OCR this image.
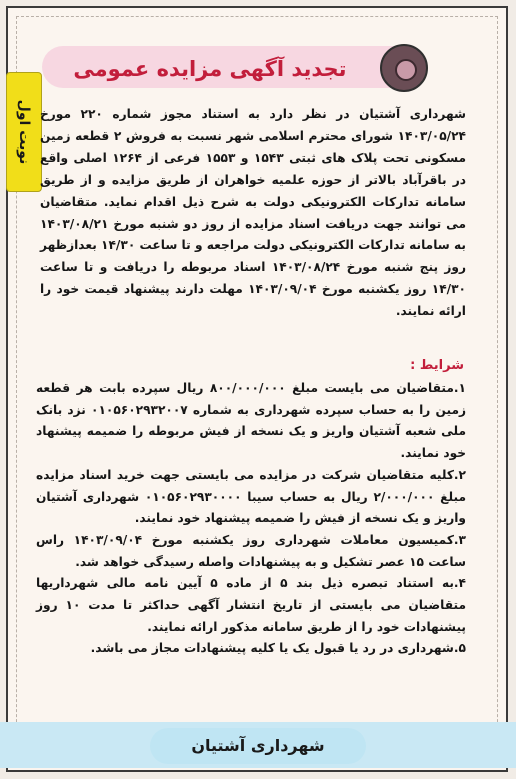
تجدید آگهی مزایده عمومی
نوبت اول شهرداری آشتیان در نظر دارد به استناد مجوز شماره ۲۲۰ مورخ ۱۴۰۳/۰۵/۲۴ شورای محترم اسلامی شهر نسبت به فروش ۲ قطعه زمین مسکونی تحت پلاک های ثبتی ۱۵۴۳ و ۱۵۵۳ فرعی از ۱۲۶۴ اصلی واقع در باقرآباد بالاتر از حوزه علمیه خواهران از طریق مزایده و از طریق سامانه تدارکات الکترونیکی دولت به شرح ذیل اقدام نماید. متقاضیان می توانند جهت دریافت اسناد مزایده از روز دو شنبه مورخ ۱۴۰۳/۰۸/۲۱ به سامانه تدارکات الکترونیکی دولت مراجعه و تا ساعت ۱۴/۳۰ بعدازظهر روز پنج شنبه مورخ ۱۴۰۳/۰۸/۲۴ اسناد مربوطه را دریافت و تا ساعت ۱۴/۳۰ روز یکشنبه مورخ ۱۴۰۳/۰۹/۰۴ مهلت دارند پیشنهاد قیمت خود را ارائه نمایند.
شرایط :

۱.متقاضیان می بایست مبلغ ۸۰۰/۰۰۰/۰۰۰ ریال سپرده بابت هر قطعه زمین را به حساب سپرده شهرداری به شماره ۰۱۰۵۶۰۲۹۳۲۰۰۷ نزد بانک ملی شعبه آشتیان واریز و یک نسخه از فیش مربوطه را ضمیمه پیشنهاد خود نمایند.

۲.کلیه متقاضیان شرکت در مزایده می بایستی جهت خرید اسناد مزایده مبلغ ۲/۰۰۰/۰۰۰ ریال به حساب سیبا ۰۱۰۵۶۰۲۹۳۰۰۰۰ شهرداری آشتیان واریز و یک نسخه از فیش را ضمیمه پیشنهاد خود نمایند.

۳.کمیسیون معاملات شهرداری روز یکشنبه مورخ ۱۴۰۳/۰۹/۰۴ راس ساعت ۱۵ عصر تشکیل و به پیشنهادات واصله رسیدگی خواهد شد.

۴.به استناد تبصره ذیل بند ۵ از ماده ۵ آیین نامه مالی شهرداریها متقاضیان می بایستی از تاریخ انتشار آگهی حداکثر تا مدت ۱۰ روز پیشنهادات خود را از طریق سامانه مذکور ارائه نمایند.

۵.شهرداری در رد یا قبول یک یا کلیه پیشنهادات مجاز می باشد.

شهرداری آشتیان
